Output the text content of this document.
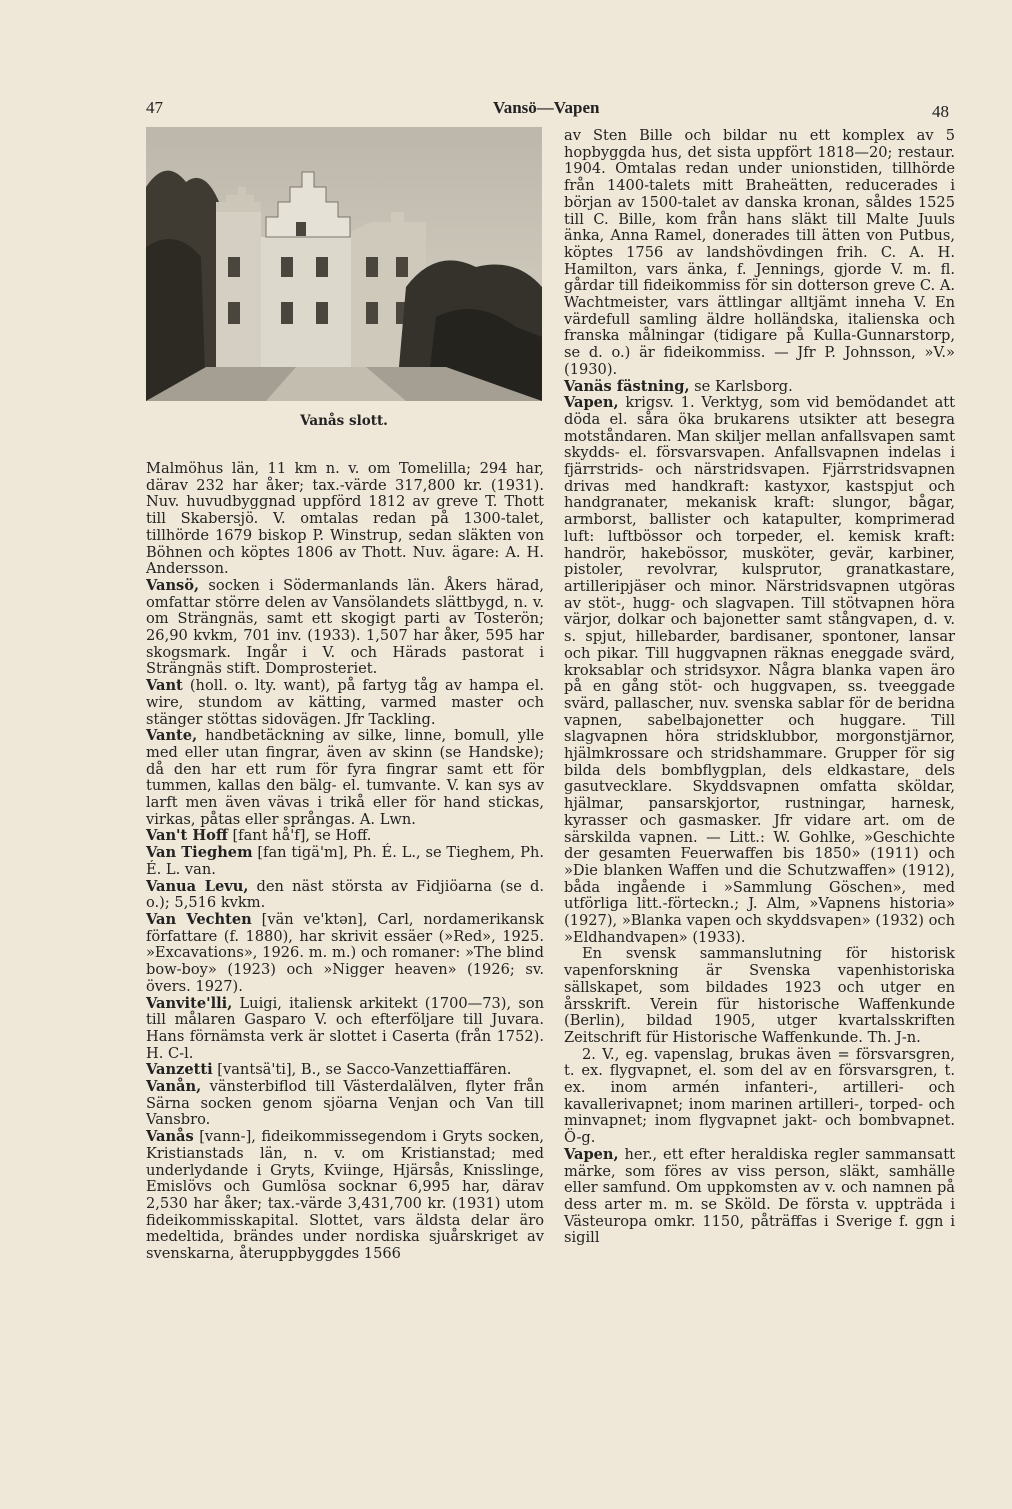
47	Vansö—Vapen	48
Vanås slott.

Malmöhus län, 11 km n. v. om Tomelilla; 294 har, därav 232 har åker; tax.-värde 317,800 kr. (1931). Nuv. huvudbyggnad uppförd 1812 av greve T. Thott till Skabersjö. V. omtalas redan på 1300-talet, tillhörde 1679 biskop P. Winstrup, sedan släkten von Böhnen och köptes 1806 av Thott. Nuv. ägare: A. H. Andersson.

Vansö, socken i Södermanlands län. Åkers härad, omfattar större delen av Vansölandets slättbygd, n. v. om Strängnäs, samt ett skogigt parti av Tosterön; 26,90 kvkm, 701 inv. (1933). 1,507 har åker, 595 har skogsmark. Ingår i V. och Härads pastorat i Strängnäs stift. Domprosteriet.

Vant (holl. o. lty. want), på fartyg tåg av hampa el. wire, stundom av kätting, varmed master och stänger stöttas sidovägen. Jfr Tackling.

Vante, handbetäckning av silke, linne, bomull, ylle med eller utan fingrar, även av skinn (se Handske); då den har ett rum för fyra fingrar samt ett för tummen, kallas den bälg- el. tumvante. V. kan sys av larft men även vävas i trikå eller för hand stickas, virkas, påtas eller språngas. A. Lwn.

Van't Hoff [fant hå'f], se Hoff.

Van Tieghem [fan tigä'm], Ph. É. L., se Tieghem, Ph. É. L. van.

Vanua Levu, den näst största av Fidjiöarna (se d. o.); 5,516 kvkm.

Van Vechten [vän ve'ktən], Carl, nordamerikansk författare (f. 1880), har skrivit essäer (»Red», 1925. »Excavations», 1926. m. m.) och romaner: »The blind bow-boy» (1923) och »Nigger heaven» (1926; sv. övers. 1927).

Vanvite'lli, Luigi, italiensk arkitekt (1700—73), son till målaren Gasparo V. och efterföljare till Juvara. Hans förnämsta verk är slottet i Caserta (från 1752). H. C-l.

Vanzetti [vantsä'ti], B., se Sacco-Vanzettiaffären.

Vanån, vänsterbiflod till Västerdalälven, flyter från Särna socken genom sjöarna Venjan och Van till Vansbro.

Vanås [vann-], fideikommissegendom i Gryts socken, Kristianstads län, n. v. om Kristianstad; med underlydande i Gryts, Kviinge, Hjärsås, Knisslinge, Emislövs och Gumlösa socknar 6,995 har, därav 2,530 har åker; tax.-värde 3,431,700 kr. (1931) utom fideikommisskapital. Slottet, vars äldsta delar äro medeltida, brändes under nordiska sjuårskriget av svenskarna, återuppbyggdes 1566

av Sten Bille och bildar nu ett komplex av 5 hopbyggda hus, det sista uppfört 1818—20; restaur. 1904. Omtalas redan under unionstiden, tillhörde från 1400-talets mitt Braheätten, reducerades i början av 1500-talet av danska kronan, såldes 1525 till C. Bille, kom från hans släkt till Malte Juuls änka, Anna Ramel, donerades till ätten von Putbus, köptes 1756 av landshövdingen frih. C. A. H. Hamilton, vars änka, f. Jennings, gjorde V. m. fl. gårdar till fideikommiss för sin dotterson greve C. A. Wachtmeister, vars ättlingar alltjämt inneha V. En värdefull samling äldre holländska, italienska och franska målningar (tidigare på Kulla-Gunnarstorp, se d. o.) är fideikommiss. — Jfr P. Johnsson, »V.» (1930).

Vanäs fästning, se Karlsborg.

Vapen, krigsv. 1. Verktyg, som vid bemödandet att döda el. såra öka brukarens utsikter att besegra motståndaren. Man skiljer mellan anfallsvapen samt skydds- el. försvarsvapen. Anfallsvapnen indelas i fjärrstrids- och närstridsvapen. Fjärrstridsvapnen drivas med handkraft: kastyxor, kastspjut och handgranater, mekanisk kraft: slungor, bågar, armborst, ballister och katapulter, komprimerad luft: luftbössor och torpeder, el. kemisk kraft: handrör, hakebössor, musköter, gevär, karbiner, pistoler, revolvrar, kulsprutor, granatkastare, artilleripjäser och minor. Närstridsvapnen utgöras av stöt-, hugg- och slagvapen. Till stötvapnen höra värjor, dolkar och bajonetter samt stångvapen, d. v. s. spjut, hillebarder, bardisaner, spontoner, lansar och pikar. Till huggvapnen räknas eneggade svärd, kroksablar och stridsyxor. Några blanka vapen äro på en gång stöt- och huggvapen, ss. tveeggade svärd, pallascher, nuv. svenska sablar för de beridna vapnen, sabelbajonetter och huggare. Till slagvapnen höra stridsklubbor, morgonstjärnor, hjälmkrossare och stridshammare. Grupper för sig bilda dels bombflygplan, dels eldkastare, dels gasutvecklare. Skyddsvapnen omfatta sköldar, hjälmar, pansarskjortor, rustningar, harnesk, kyrasser och gasmasker. Jfr vidare art. om de särskilda vapnen. — Litt.: W. Gohlke, »Geschichte der gesamten Feuerwaffen bis 1850» (1911) och »Die blanken Waffen und die Schutzwaffen» (1912), båda ingående i »Sammlung Göschen», med utförliga litt.-förteckn.; J. Alm, »Vapnens historia» (1927), »Blanka vapen och skyddsvapen» (1932) och »Eldhandvapen» (1933).

En svensk sammanslutning för historisk vapenforskning är Svenska vapenhistoriska sällskapet, som bildades 1923 och utger en årsskrift. Verein für historische Waffenkunde (Berlin), bildad 1905, utger kvartalsskriften Zeitschrift für Historische Waffenkunde. Th. J-n.

2. V., eg. vapenslag, brukas även = försvarsgren, t. ex. flygvapnet, el. som del av en försvarsgren, t. ex. inom armén infanteri-, artilleri- och kavallerivapnet; inom marinen artilleri-, torped- och minvapnet; inom flygvapnet jakt- och bombvapnet. Ö-g.

Vapen, her., ett efter heraldiska regler sammansatt märke, som föres av viss person, släkt, samhälle eller samfund. Om uppkomsten av v. och namnen på dess arter m. m. se Sköld. De första v. uppträda i Västeuropa omkr. 1150, påträffas i Sverige f. ggn i sigill
